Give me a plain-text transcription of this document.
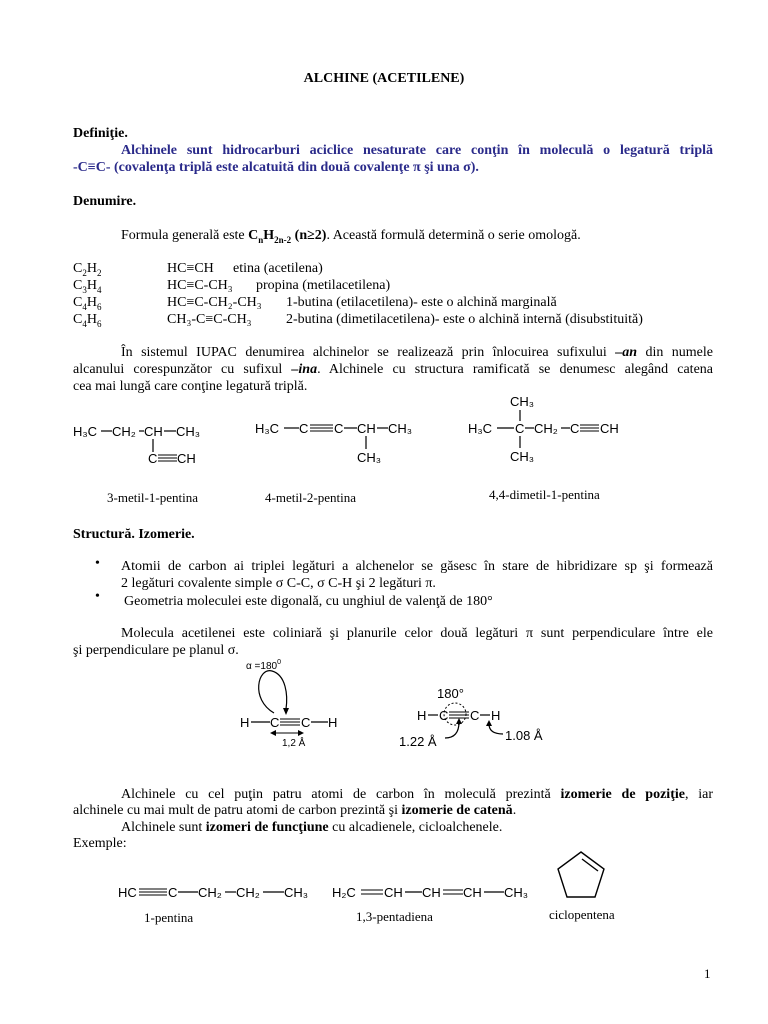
ALCHINE (ACETILENE)
Definiţie.
Alchinele sunt hidrocarburi aciclice nesaturate care conţin în moleculă o legatură triplă
-C≡C- (covalenţa triplă este alcatuită din două covalenţe π şi una σ).
Denumire.
Formula generală este $C_nH_{2n-2}$ (n≥2). Această formulă determină o serie omologă.
$C_2H_2$	HC≡CH etina (acetilena)
$C_3H_4$	HC≡C-CH₃ propina (metilacetilena)
$C_4H_6$	HC≡C-CH₂-CH₃ 1-butina (etilacetilena)- este o alchină marginală
$C_4H_6$	CH₃-C≡C-CH₃ 2-butina (dimetilacetilena)- este o alchină internă (disubstituită)
În sistemul IUPAC denumirea alchinelor se realizează prin înlocuirea sufixului –an din numele
alcanului corespunzător cu sufixul –ina. Alchinele cu structura ramificată se denumesc alegând catena
cea mai lungă care conţine legatură triplă.
H₃C CH₂ CH CH₃
C CH
3-metil-1-pentina
H₃C C C CH CH₃
CH₃
4-metil-2-pentina
CH₃
H₃C C CH₂ C CH
CH₃
4,4-dimetil-1-pentina
Structură. Izomerie.
• Atomii de carbon ai triplei legături a alchenelor se găsesc în stare de hibridizare sp şi formează
2 legături covalente simple σ C-C, σ C-H şi 2 legături π.
• Geometria moleculei este digonală, cu unghiul de valenţă de 180°
Molecula acetilenei este coliniară şi planurile celor două legături π sunt perpendiculare între ele
şi perpendiculare pe planul σ.
$\alpha =180^0$
H C C H
1,2 Å
180°
H C C H
1.22 Å	1.08 Å
Alchinele cu cel puţin patru atomi de carbon în moleculă prezintă izomerie de poziţie, iar
alchinele cu mai mult de patru atomi de carbon prezintă şi izomerie de catenă.
Alchinele sunt izomeri de funcţiune cu alcadienele, cicloalchenele.
Exemple:
HC C CH₂ CH₂ CH₃
1-pentina
H₂C CH CH CH CH₃
1,3-pentadiena	ciclopentena
1
